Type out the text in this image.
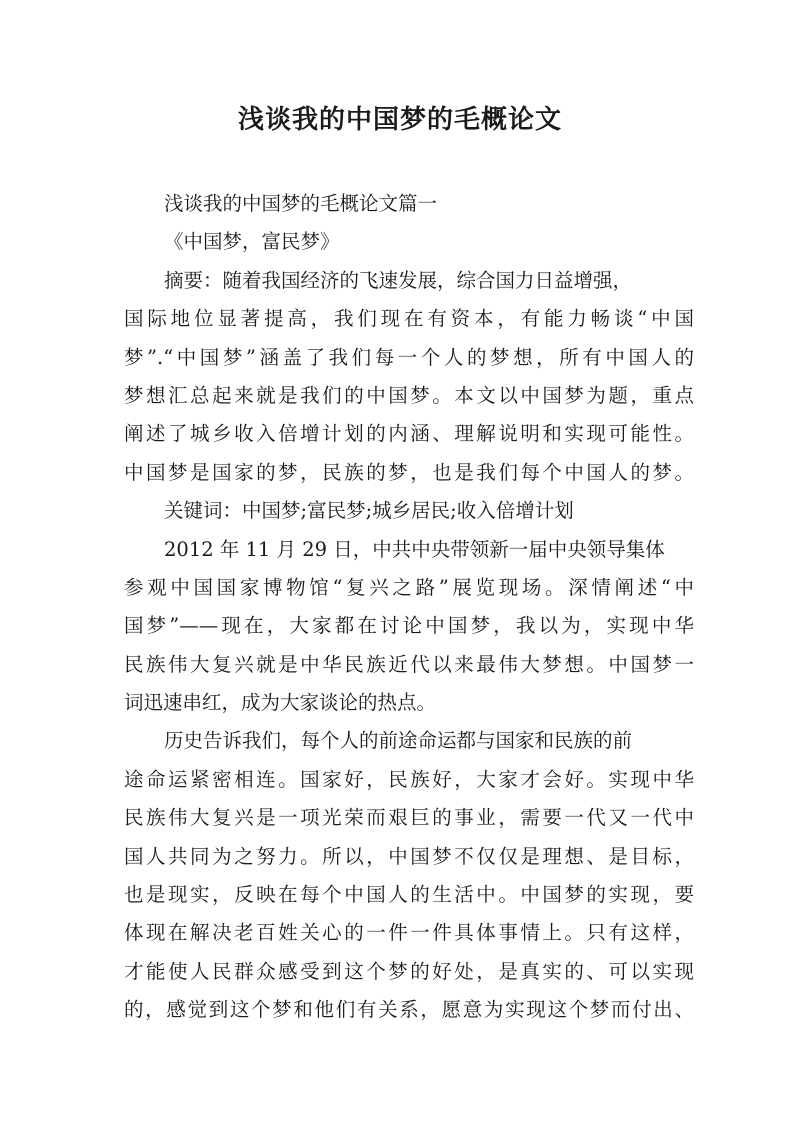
浅谈我的中国梦的毛概论文
浅谈我的中国梦的毛概论文篇一
《中国梦，富民梦》
摘要：随着我国经济的飞速发展，综合国力日益增强，
国际地位显著提高，我们现在有资本，有能力畅谈“中国
梦”.“中国梦”涵盖了我们每一个人的梦想，所有中国人的
梦想汇总起来就是我们的中国梦。本文以中国梦为题，重点
阐述了城乡收入倍增计划的内涵、理解说明和实现可能性。
中国梦是国家的梦，民族的梦，也是我们每个中国人的梦。
关键词：中国梦;富民梦;城乡居民;收入倍增计划
2012 年 11 月 29 日，中共中央带领新一届中央领导集体
参观中国国家博物馆“复兴之路”展览现场。深情阐述“中
国梦”——现在，大家都在讨论中国梦，我以为，实现中华
民族伟大复兴就是中华民族近代以来最伟大梦想。中国梦一
词迅速串红，成为大家谈论的热点。
历史告诉我们，每个人的前途命运都与国家和民族的前
途命运紧密相连。国家好，民族好，大家才会好。实现中华
民族伟大复兴是一项光荣而艰巨的事业，需要一代又一代中
国人共同为之努力。所以，中国梦不仅仅是理想、是目标，
也是现实，反映在每个中国人的生活中。中国梦的实现，要
体现在解决老百姓关心的一件一件具体事情上。只有这样，
才能使人民群众感受到这个梦的好处，是真实的、可以实现
的，感觉到这个梦和他们有关系，愿意为实现这个梦而付出、
